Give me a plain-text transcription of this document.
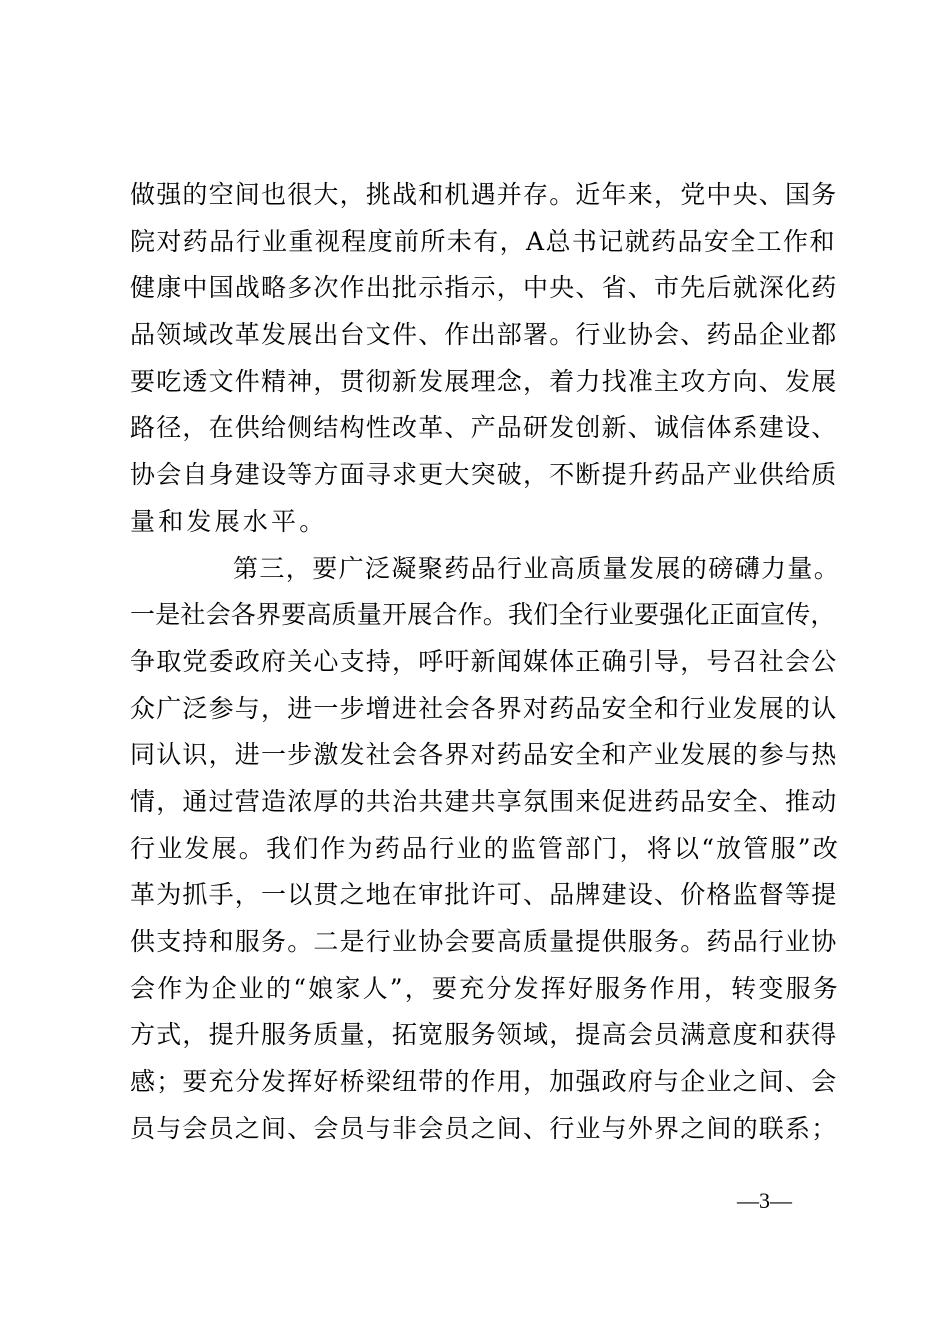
做强的空间也很大，挑战和机遇并存。近年来，党中央、国务
院对药品行业重视程度前所未有，A总书记就药品安全工作和
健康中国战略多次作出批示指示，中央、省、市先后就深化药
品领域改革发展出台文件、作出部署。行业协会、药品企业都
要吃透文件精神，贯彻新发展理念，着力找准主攻方向、发展
路径，在供给侧结构性改革、产品研发创新、诚信体系建设、
协会自身建设等方面寻求更大突破，不断提升药品产业供给质
量和发展水平。
第三，要广泛凝聚药品行业高质量发展的磅礴力量。
一是社会各界要高质量开展合作。我们全行业要强化正面宣传，
争取党委政府关心支持，呼吁新闻媒体正确引导，号召社会公
众广泛参与，进一步增进社会各界对药品安全和行业发展的认
同认识，进一步激发社会各界对药品安全和产业发展的参与热
情，通过营造浓厚的共治共建共享氛围来促进药品安全、推动
行业发展。我们作为药品行业的监管部门，将以“放管服”改
革为抓手，一以贯之地在审批许可、品牌建设、价格监督等提
供支持和服务。二是行业协会要高质量提供服务。药品行业协
会作为企业的“娘家人”，要充分发挥好服务作用，转变服务
方式，提升服务质量，拓宽服务领域，提高会员满意度和获得
感；要充分发挥好桥梁纽带的作用，加强政府与企业之间、会
员与会员之间、会员与非会员之间、行业与外界之间的联系；
—3—
